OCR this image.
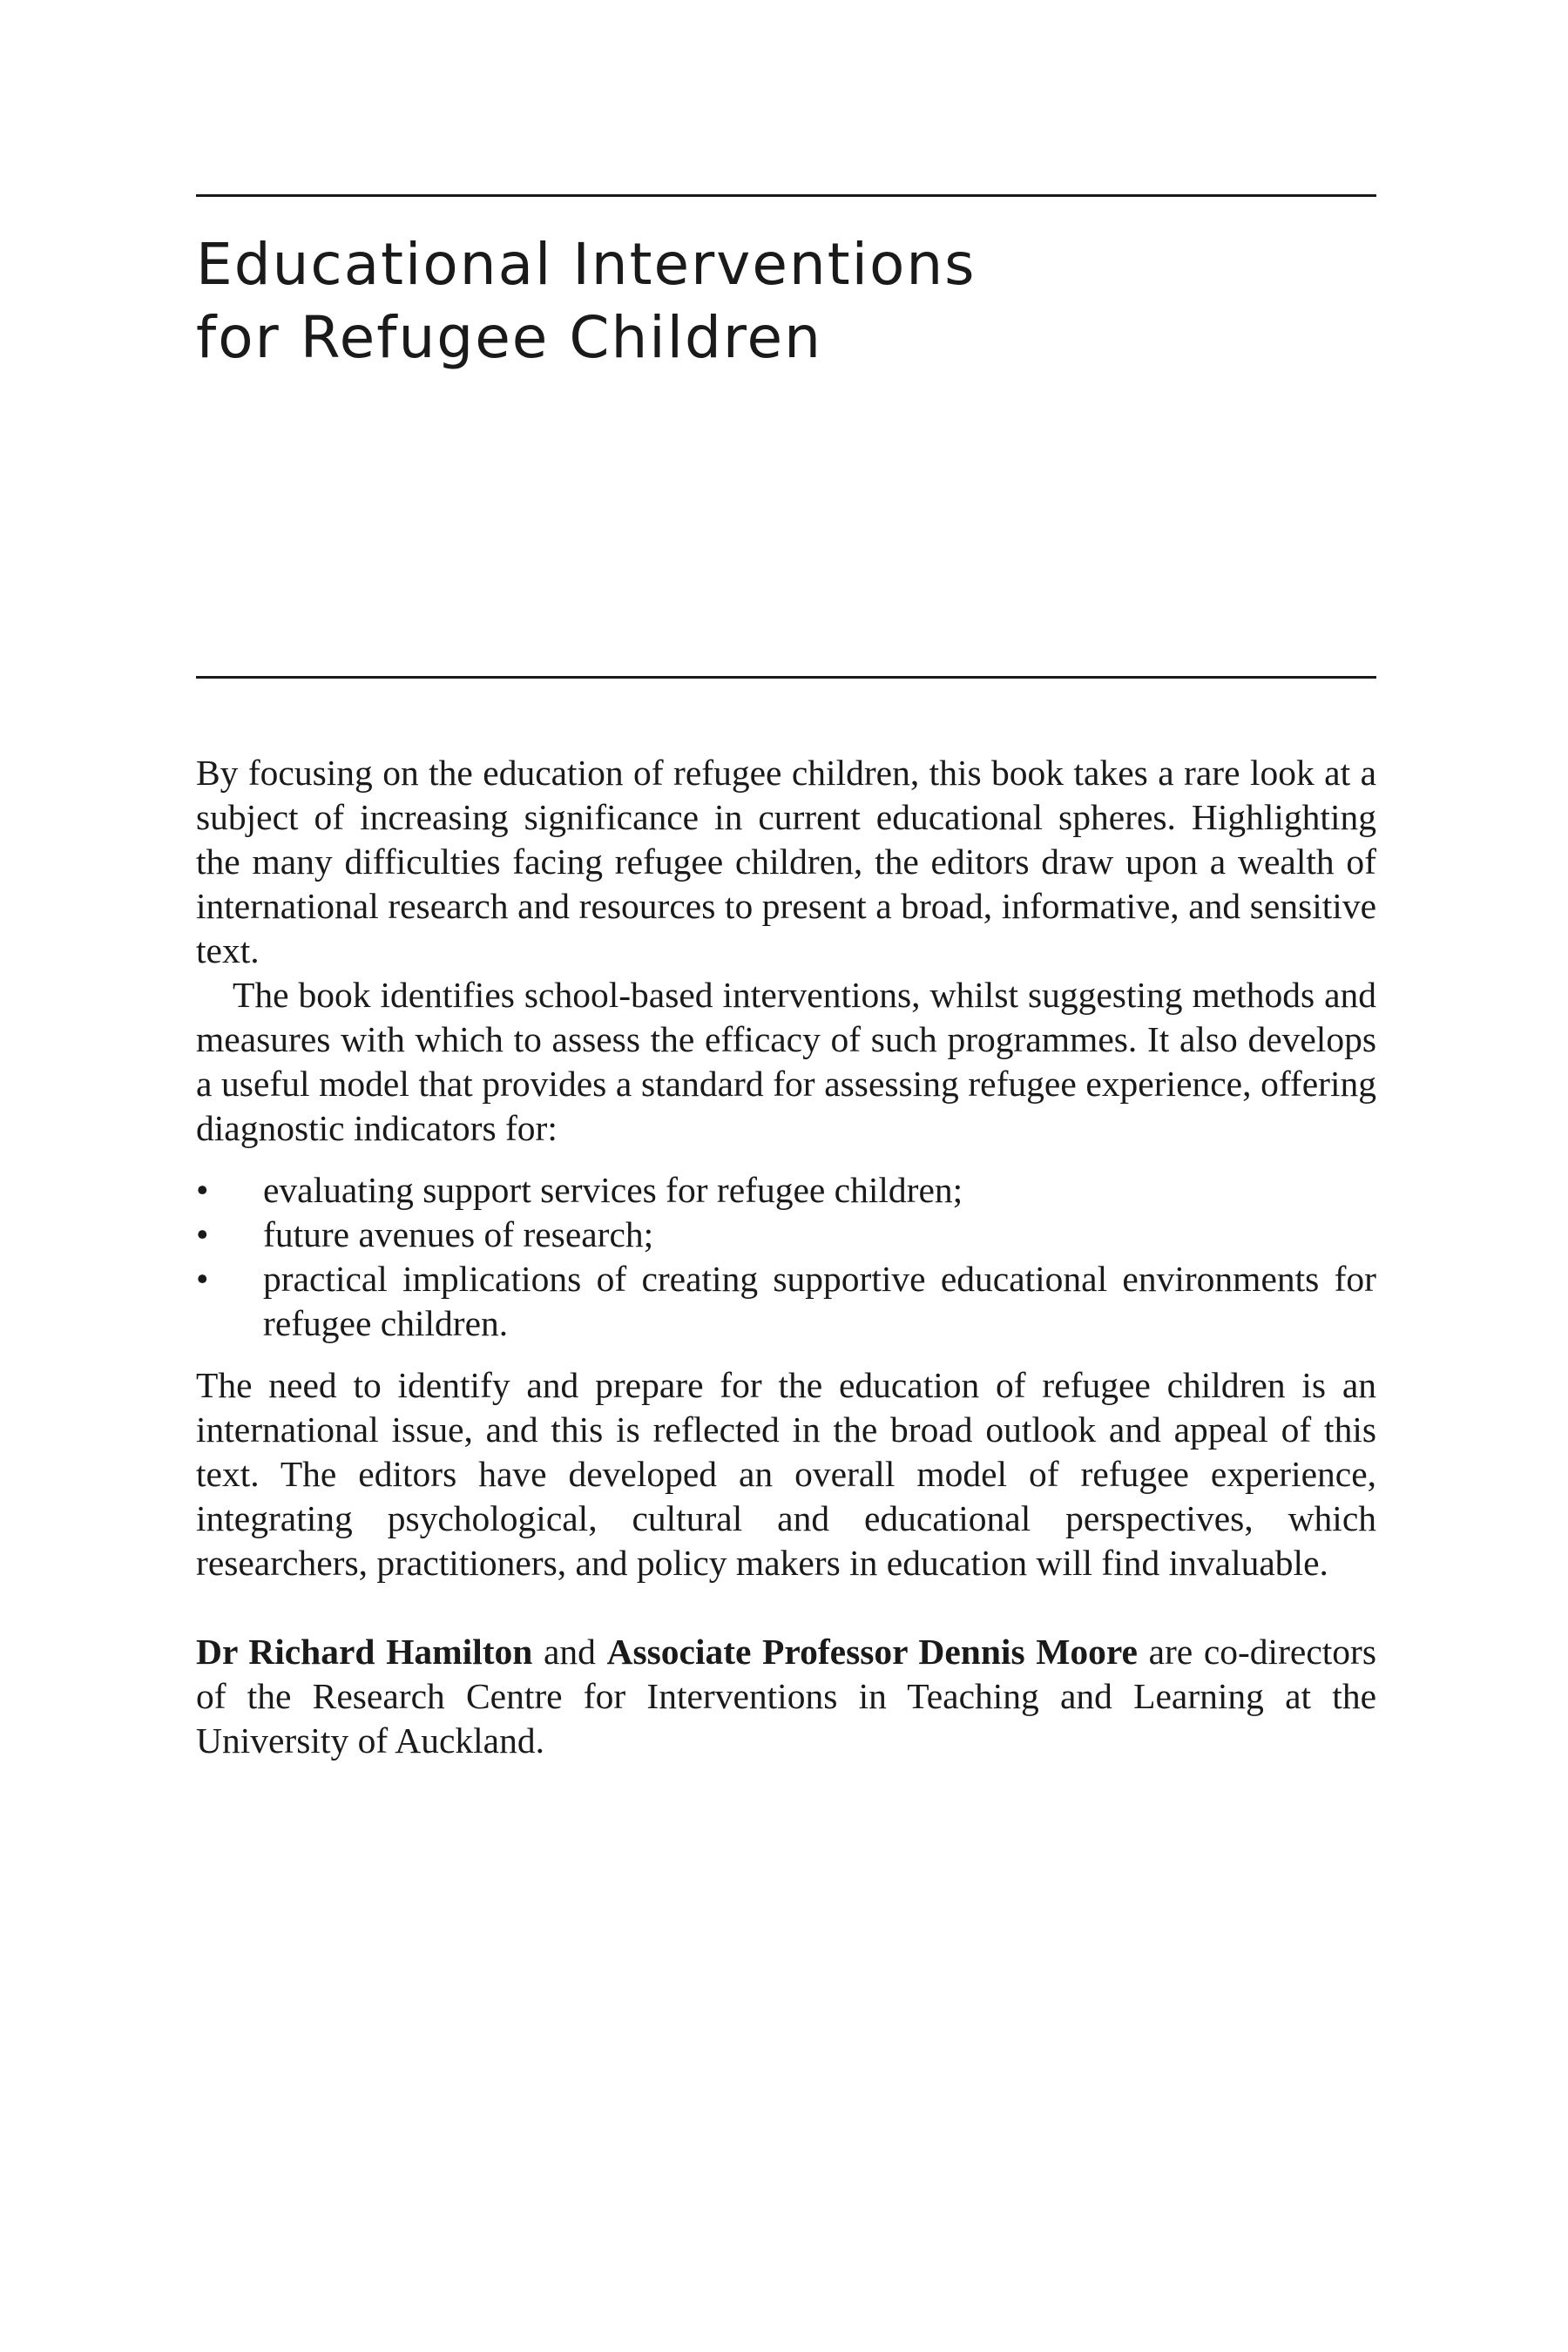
Educational Interventions
for Refugee Children

By focusing on the education of refugee children, this book takes a rare look at a subject of increasing significance in current educational spheres. Highlighting the many difficulties facing refugee children, the editors draw upon a wealth of international research and resources to present a broad, informative, and sensitive text.

The book identifies school-based interventions, whilst suggesting methods and measures with which to assess the efficacy of such programmes. It also develops a useful model that provides a standard for assessing refugee experience, offering diagnostic indicators for:

• evaluating support services for refugee children;
• future avenues of research;
• practical implications of creating supportive educational environments for refugee children.

The need to identify and prepare for the education of refugee children is an international issue, and this is reflected in the broad outlook and appeal of this text. The editors have developed an overall model of refugee experience, integrating psychological, cultural and educational perspectives, which researchers, practitioners, and policy makers in education will find invaluable.

Dr Richard Hamilton and Associate Professor Dennis Moore are co-directors of the Research Centre for Interventions in Teaching and Learning at the University of Auckland.
